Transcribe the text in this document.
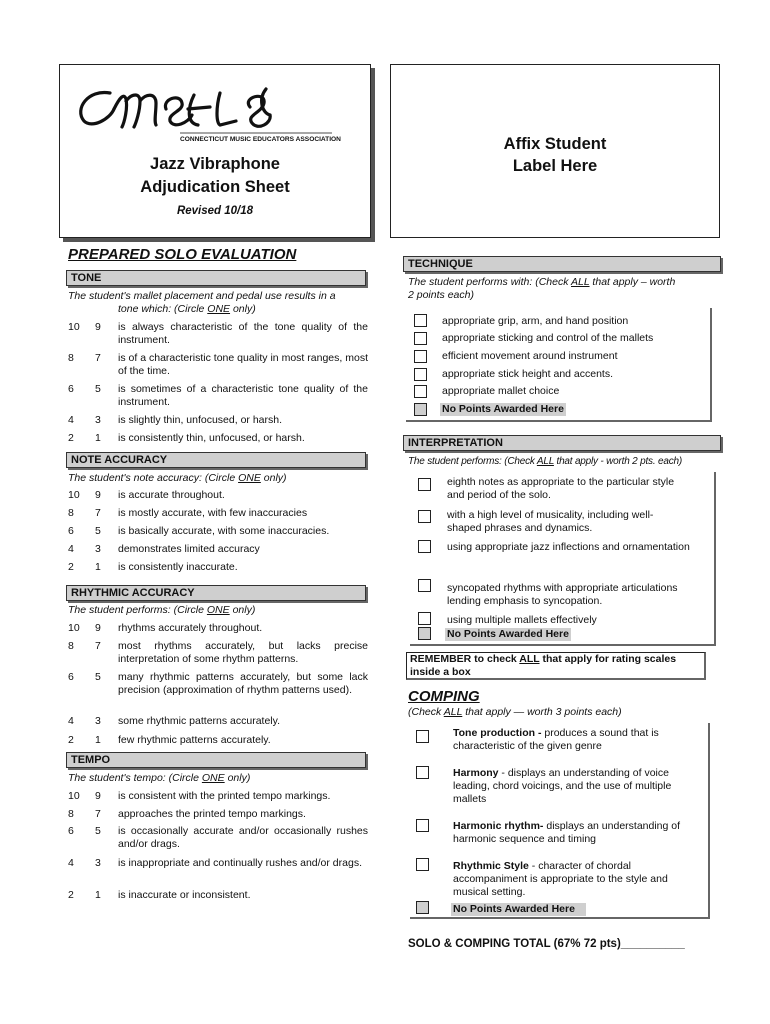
CONNECTICUT MUSIC EDUCATORS ASSOCIATION
Jazz Vibraphone
Adjudication Sheet
Revised 10/18
Affix Student
Label Here
PREPARED SOLO EVALUATION
TONE
The student's mallet placement and pedal use results in a
tone which: (Circle ONE only)
10	9	is always characteristic of the tone quality of the instrument.
8	7	is of a characteristic tone quality in most ranges, most of the time.
6	5	is sometimes of a characteristic tone quality of the instrument.
4	3	is slightly thin, unfocused, or harsh.
2	1	is consistently thin, unfocused, or harsh.
NOTE ACCURACY
The student's note accuracy: (Circle ONE only)
10	9	is accurate throughout.
8	7	is mostly accurate, with few inaccuracies
6	5	is basically accurate, with some inaccuracies.
4	3	demonstrates limited accuracy
2	1	is consistently inaccurate.
RHYTHMIC ACCURACY
The student performs: (Circle ONE only)
10	9	rhythms accurately throughout.
8	7	most rhythms accurately, but lacks precise interpretation of some rhythm patterns.
6	5	many rhythmic patterns accurately, but some lack precision (approximation of rhythm patterns used).
4	3	some rhythmic patterns accurately.
2	1	few rhythmic patterns accurately.
TEMPO
The student's tempo: (Circle ONE only)
10	9	is consistent with the printed tempo markings.
8	7	approaches the printed tempo markings.
6	5	is occasionally accurate and/or occasionally rushes and/or drags.
4	3	is inappropriate and continually rushes and/or drags.
2	1	is inaccurate or inconsistent.
TECHNIQUE
The student performs with: (Check ALL that apply – worth
2 points each)
appropriate grip, arm, and hand position
appropriate sticking and control of the mallets
efficient movement around instrument
appropriate stick height and accents.
appropriate mallet choice
No Points Awarded Here
INTERPRETATION
The student performs: (Check ALL that apply - worth 2 pts. each)
eighth notes as appropriate to the particular style and period of the solo.
with a high level of musicality, including well-shaped phrases and dynamics.
using appropriate jazz inflections and ornamentation
syncopated rhythms with appropriate articulations lending emphasis to syncopation.
using multiple mallets effectively
No Points Awarded Here
REMEMBER to check ALL that apply for rating scales
inside a box
COMPING
(Check ALL that apply — worth 3 points each)
Tone production - produces a sound that is characteristic of the given genre
Harmony - displays an understanding of voice leading, chord voicings, and the use of multiple mallets
Harmonic rhythm- displays an understanding of harmonic sequence and timing
Rhythmic Style - character of chordal accompaniment is appropriate to the style and musical setting.
No Points Awarded Here
SOLO & COMPING TOTAL (67% 72 pts)__________
